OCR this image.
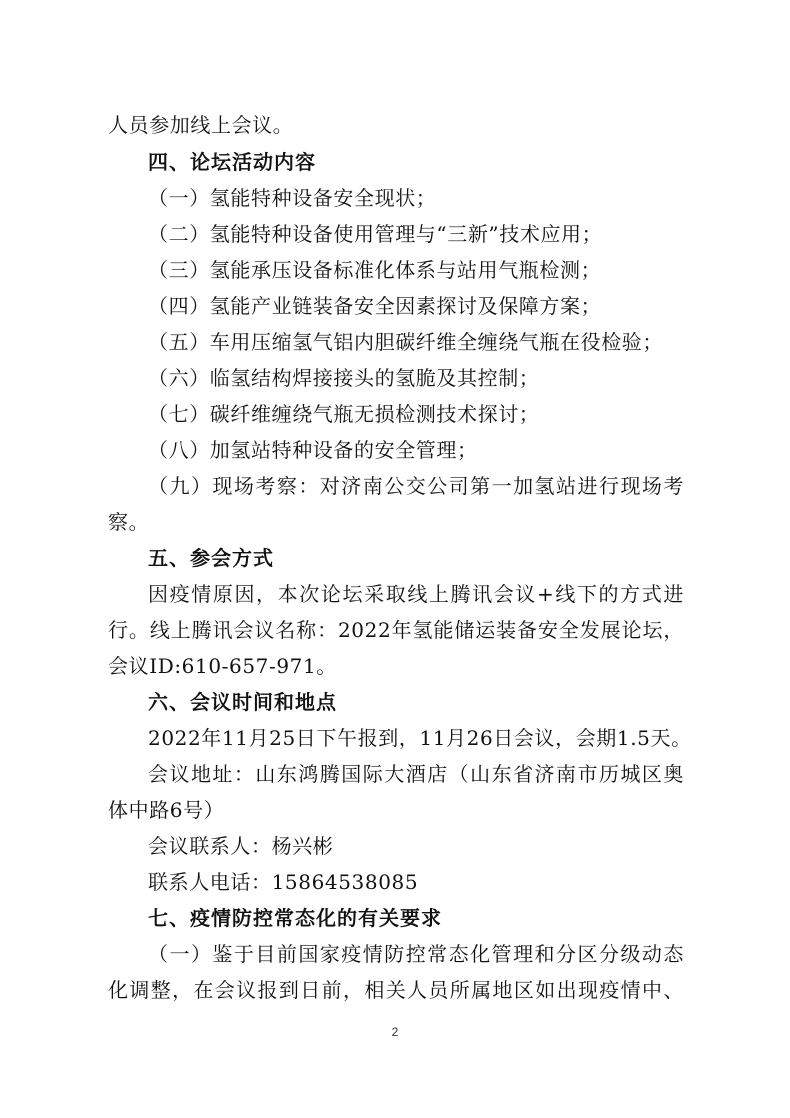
人员参加线上会议。
四、论坛活动内容
（一）氢能特种设备安全现状；
（二）氢能特种设备使用管理与“三新”技术应用；
（三）氢能承压设备标准化体系与站用气瓶检测；
（四）氢能产业链装备安全因素探讨及保障方案；
（五）车用压缩氢气铝内胆碳纤维全缠绕气瓶在役检验；
（六）临氢结构焊接接头的氢脆及其控制；
（七）碳纤维缠绕气瓶无损检测技术探讨；
（八）加氢站特种设备的安全管理；
（九）现场考察：对济南公交公司第一加氢站进行现场考
察。
五、参会方式
因疫情原因，本次论坛采取线上腾讯会议+线下的方式进
行。线上腾讯会议名称：2022年氢能储运装备安全发展论坛，
会议ID:610-657-971。
六、会议时间和地点
2022年11月25日下午报到，11月26日会议，会期1.5天。
会议地址：山东鸿腾国际大酒店（山东省济南市历城区奥
体中路6号）
会议联系人：杨兴彬
联系人电话：15864538085
七、疫情防控常态化的有关要求
（一）鉴于目前国家疫情防控常态化管理和分区分级动态
化调整，在会议报到日前，相关人员所属地区如出现疫情中、
2
